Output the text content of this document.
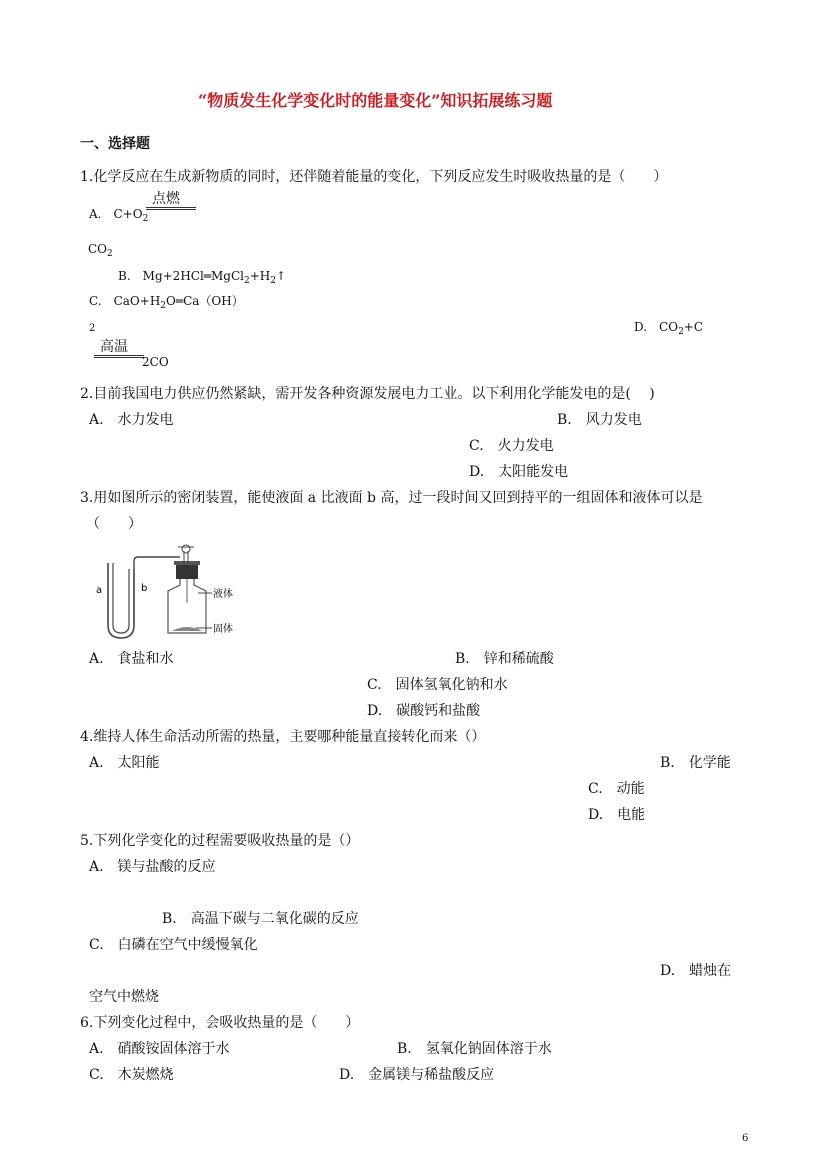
“物质发生化学变化时的能量变化”知识拓展练习题
一、选择题
1.化学反应在生成新物质的同时，还伴随着能量的变化，下列反应发生时吸收热量的是（　　）
A.　 $C+O_2$
点燃
$CO_2$
B.　 $Mg+2HCl═MgCl_2+H_2↑$
C.　 $CaO+H_2O═Ca(OH)$
2	D.　 $CO_2+C$
高温
2CO
2.目前我国电力供应仍然紧缺，需开发各种资源发展电力工业。以下利用化学能发电的是(　 )
A.　水力发电	B.　风力发电
C.　火力发电
D.　太阳能发电
3.用如图所示的密闭装置，能使液面 a 比液面 b 高，过一段时间又回到持平的一组固体和液体可以是
（　　）
a	b
液体
固体
A.　食盐和水	B.　锌和稀硫酸
C.　固体氢氧化钠和水
D.　碳酸钙和盐酸
4.维持人体生命活动所需的热量，主要哪种能量直接转化而来（）
A.　太阳能	B.　化学能
C.　动能
D.　电能
5.下列化学变化的过程需要吸收热量的是（）
A.　镁与盐酸的反应
B.　高温下碳与二氧化碳的反应
C.　白磷在空气中缓慢氧化
D.　蜡烛在
空气中燃烧
6.下列变化过程中，会吸收热量的是（　　）
A.　硝酸铵固体溶于水	B.　氢氧化钠固体溶于水
C.　木炭燃烧	D.　金属镁与稀盐酸反应
6
